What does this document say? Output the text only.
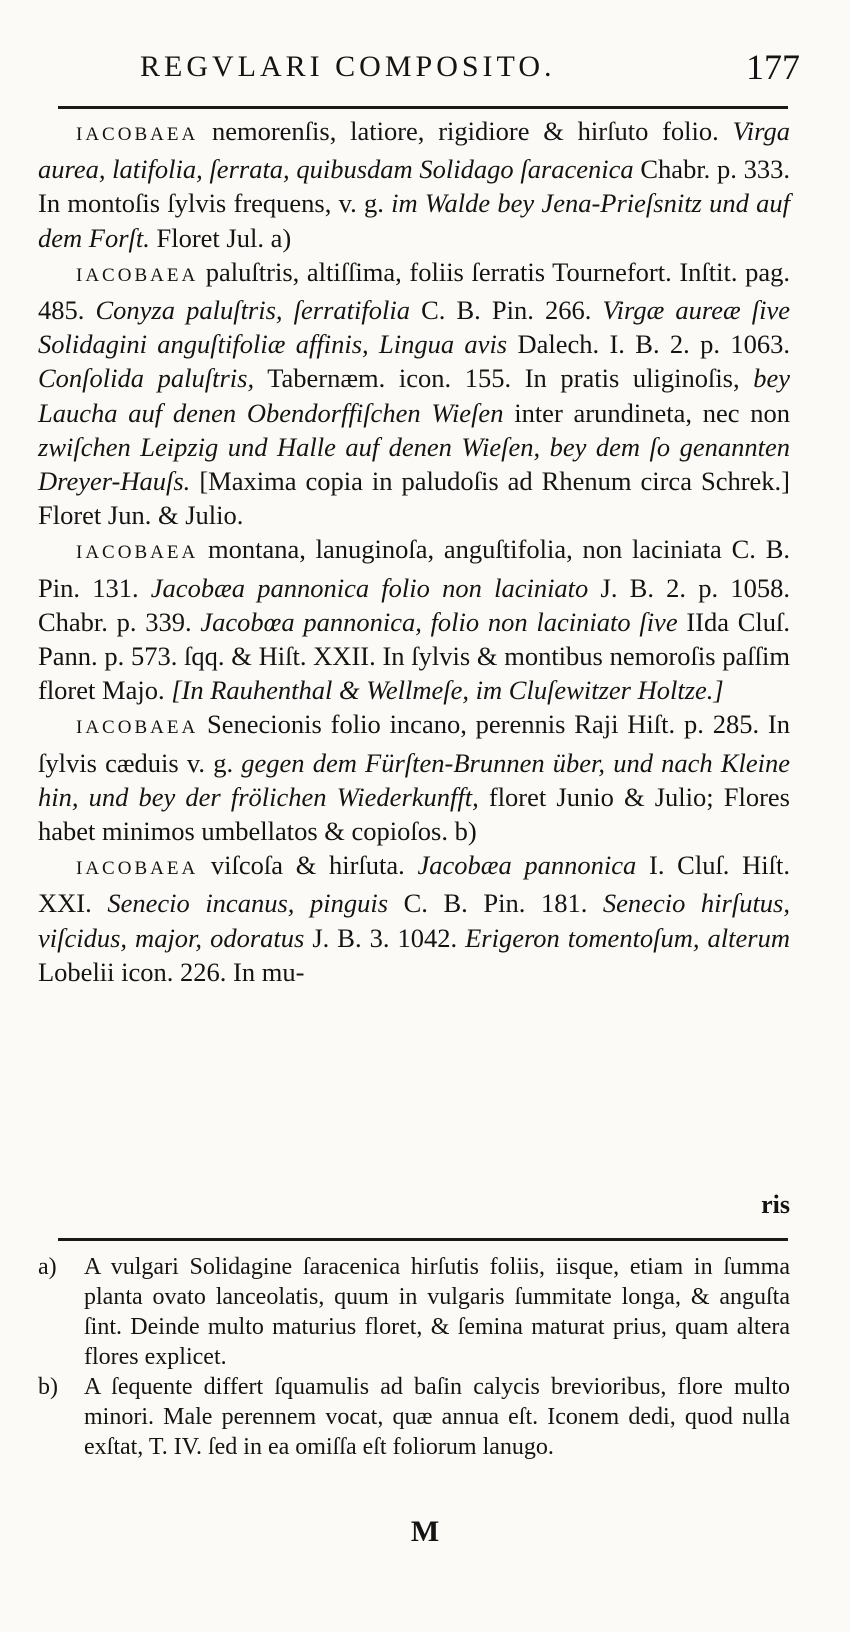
REGVLARI COMPOSITO.	177

IACOBAEA nemorenſis, latiore, rigidiore & hirſuto folio. Virga aurea, latifolia, ſerrata, quibusdam Solidago ſaracenica Chabr. p. 333. In montoſis ſylvis frequens, v. g. im Walde bey Jena-Prieſsnitz und auf dem Forſt. Floret Jul. a)

IACOBAEA paluſtris, altiſſima, foliis ſerratis Tournefort. Inſtit. pag. 485. Conyza paluſtris, ſerratifolia C. B. Pin. 266. Virgæ aureæ ſive Solidagini anguſtifoliæ affinis, Lingua avis Dalech. I. B. 2. p. 1063. Conſolida paluſtris, Tabernæm. icon. 155. In pratis uliginoſis, bey Laucha auf denen Obendorffiſchen Wieſen inter arundineta, nec non zwiſchen Leipzig und Halle auf denen Wieſen, bey dem ſo genannten Dreyer-Hauſs. [Maxima copia in paludoſis ad Rhenum circa Schrek.] Floret Jun. & Julio.

IACOBAEA montana, lanuginoſa, anguſtifolia, non laciniata C. B. Pin. 131. Jacobæa pannonica folio non laciniato J. B. 2. p. 1058. Chabr. p. 339. Jacobœa pannonica, folio non laciniato ſive IIda Cluſ. Pann. p. 573. ſqq. & Hiſt. XXII. In ſylvis & montibus nemoroſis paſſim floret Majo. [In Rauhenthal & Wellmeſe, im Cluſewitzer Holtze.]

IACOBAEA Senecionis folio incano, perennis Raji Hiſt. p. 285. In ſylvis cæduis v. g. gegen dem Fürſten-Brunnen über, und nach Kleine hin, und bey der frölichen Wiederkunfft, floret Junio & Julio; Flores habet minimos umbellatos & copioſos. b)

IACOBAEA viſcoſa & hirſuta. Jacobæa pannonica I. Cluſ. Hiſt. XXI. Senecio incanus, pinguis C. B. Pin. 181. Senecio hirſutus, viſcidus, major, odoratus J. B. 3. 1042. Erigeron tomentoſum, alterum Lobelii icon. 226. In mu-

ris
a)	A vulgari Solidagine ſaracenica hirſutis foliis, iisque, etiam in ſumma planta ovato lanceolatis, quum in vulgaris ſummitate longa, & anguſta ſint. Deinde multo maturius floret, & ſemina maturat prius, quam altera flores explicet.
b)	A ſequente differt ſquamulis ad baſin calycis brevioribus, flore multo minori. Male perennem vocat, quæ annua eſt. Iconem dedi, quod nulla exſtat, T. IV. ſed in ea omiſſa eſt foliorum lanugo.
M
